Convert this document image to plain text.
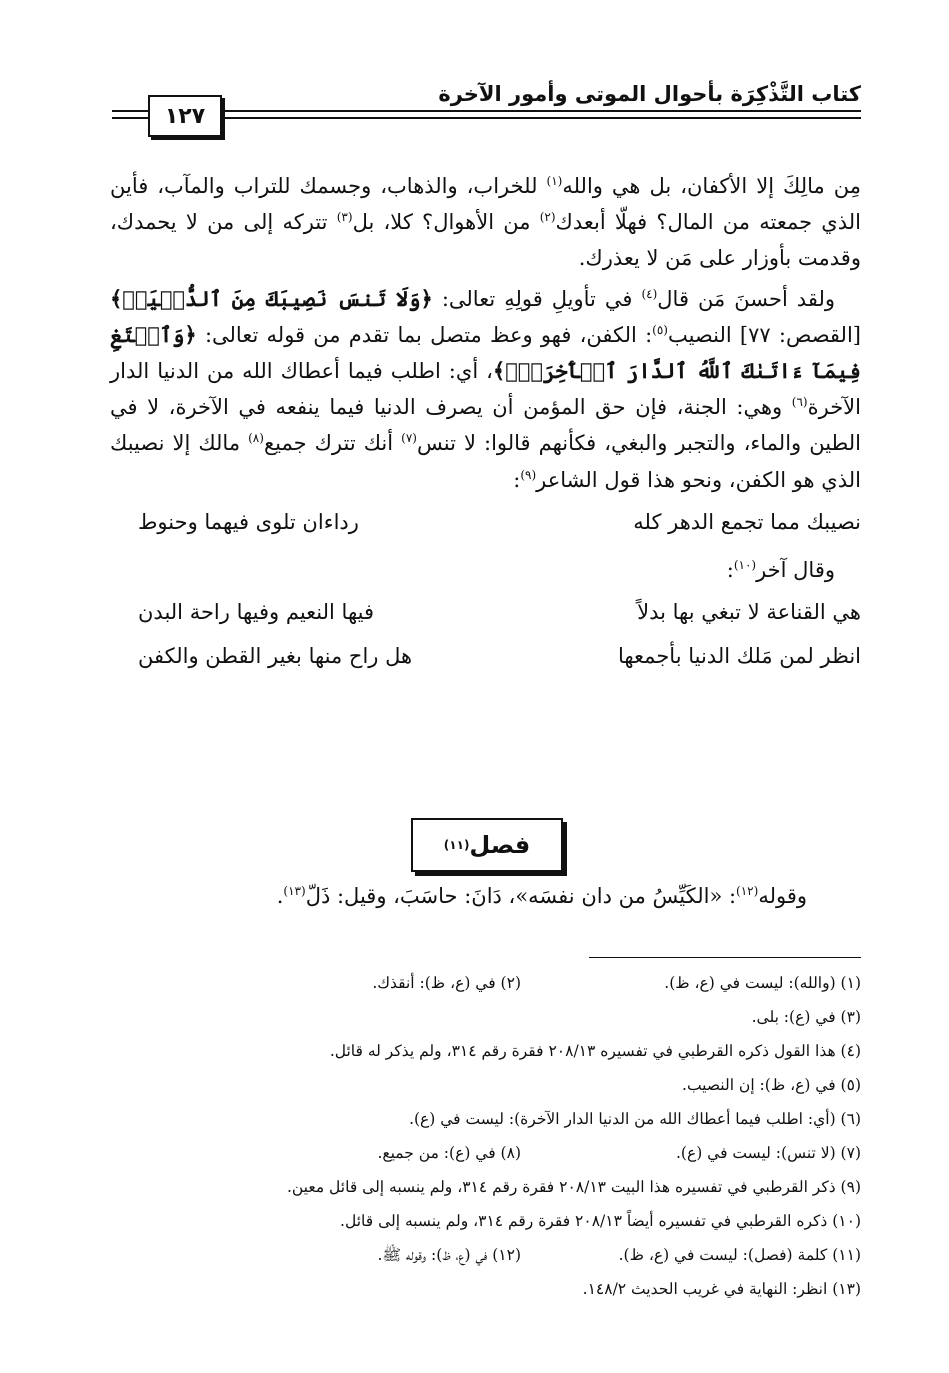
كتاب التَّذْكِرَة بأحوال الموتى وأمور الآخرة
١٢٧

مِن مالِكَ إلا الأكفان، بل هي والله$^{(١)}$ للخراب، والذهاب، وجسمك للتراب والمآب، فأين الذي جمعته من المال؟ فهلّا أبعدك$^{(٢)}$ من الأهوال؟ كلا، بل$^{(٣)}$ تتركه إلى من لا يحمدك، وقدمت بأوزار على مَن لا يعذرك.

ولقد أحسنَ مَن قال$^{(٤)}$ في تأويلِ قولِهِ تعالى: ﴿وَلَا تَنسَ نَصِيبَكَ مِنَ ٱلدُّنۡيَاۖ﴾ [القصص: ٧٧] النصيب$^{(٥)}$: الكفن، فهو وعظ متصل بما تقدم من قوله تعالى: ﴿وَٱبۡتَغِ فِيمَآ ءَاتَىٰكَ ٱللَّهُ ٱلدَّارَ ٱلۡأٓخِرَةَۖ﴾، أي: اطلب فيما أعطاك الله من الدنيا الدار الآخرة$^{(٦)}$ وهي: الجنة، فإن حق المؤمن أن يصرف الدنيا فيما ينفعه في الآخرة، لا في الطين والماء، والتجبر والبغي، فكأنهم قالوا: لا تنس$^{(٧)}$ أنك تترك جميع$^{(٨)}$ مالك إلا نصيبك الذي هو الكفن، ونحو هذا قول الشاعر$^{(٩)}$:

نصيبك مما تجمع الدهر كله
رداءان تلوى فيهما وحنوط
وقال آخر$^{(١٠)}$:
هي القناعة لا تبغي بها بدلاً
فيها النعيم وفيها راحة البدن
انظر لمن مَلك الدنيا بأجمعها
هل راح منها بغير القطن والكفن
فصل
(١١)
وقوله$^{(١٢)}$: «الكَيِّسُ من دان نفسَه»، دَانَ: حاسَبَ، وقيل: ذَلّ$^{(١٣)}$.
(١) (والله): ليست في (ع، ظ).
(٢) في (ع، ظ): أنقذك.
(٣) في (ع): بلى.
(٤) هذا القول ذكره القرطبي في تفسيره ٢٠٨/١٣ فقرة رقم ٣١٤، ولم يذكر له قائل.
(٥) في (ع، ظ): إن النصيب.
(٦) (أي: اطلب فيما أعطاك الله من الدنيا الدار الآخرة): ليست في (ع).
(٧) (لا تنس): ليست في (ع).
(٨) في (ع): من جميع.
(٩) ذكر القرطبي في تفسيره هذا البيت ٢٠٨/١٣ فقرة رقم ٣١٤، ولم ينسبه إلى قائل معين.
(١٠) ذكره القرطبي في تفسيره أيضاً ٢٠٨/١٣ فقرة رقم ٣١٤، ولم ينسبه إلى قائل.
(١١) كلمة (فصل): ليست في (ع، ظ).
(١٢) في (ع، ظ): وقوله ﷺ.
(١٣) انظر: النهاية في غريب الحديث ١٤٨/٢.
